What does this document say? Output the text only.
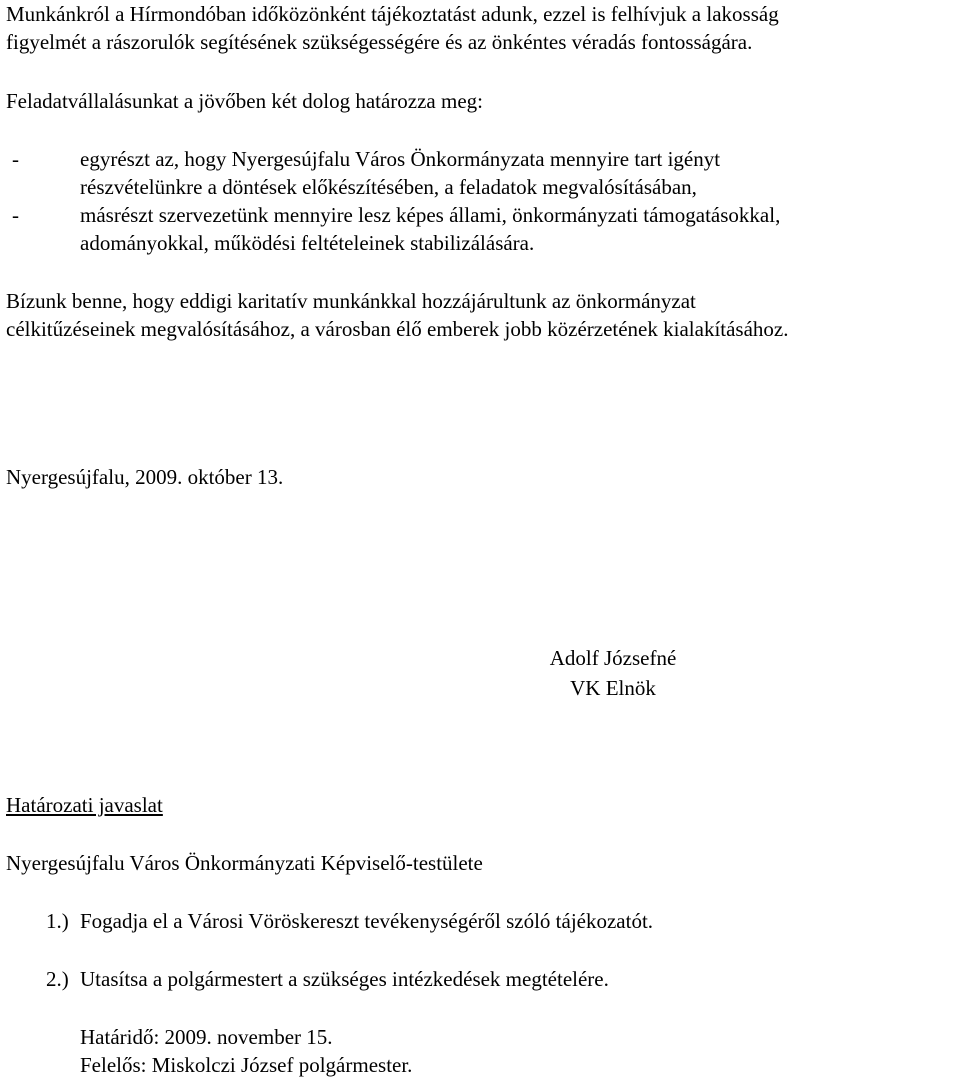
Munkánkról a Hírmondóban időközönként tájékoztatást adunk, ezzel is felhívjuk a lakosság
figyelmét a rászorulók segítésének szükségességére és az önkéntes véradás fontosságára.
Feladatvállalásunkat a jövőben két dolog határozza meg:
-	egyrészt az, hogy Nyergesújfalu Város Önkormányzata mennyire tart igényt
részvételünkre a döntések előkészítésében, a feladatok megvalósításában,
-	másrészt szervezetünk mennyire lesz képes állami, önkormányzati támogatásokkal,
adományokkal, működési feltételeinek stabilizálására.
Bízunk benne, hogy eddigi karitatív munkánkkal hozzájárultunk az önkormányzat
célkitűzéseinek megvalósításához, a városban élő emberek jobb közérzetének kialakításához.
Nyergesújfalu, 2009. október 13.
Adolf Józsefné
VK Elnök
Határozati javaslat
Nyergesújfalu Város Önkormányzati Képviselő-testülete
1.) Fogadja el a Városi Vöröskereszt tevékenységéről szóló tájékozatót.
2.) Utasítsa a polgármestert a szükséges intézkedések megtételére.
Határidő: 2009. november 15.
Felelős: Miskolczi József polgármester.
